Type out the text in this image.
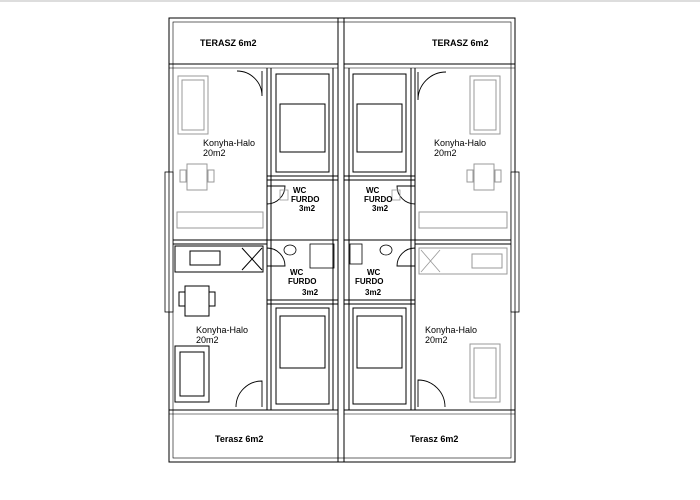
TERASZ 6m2	TERASZ 6m2
Terasz 6m2	Terasz 6m2
Konyha-Halo
20m2
Konyha-Halo
20m2
Konyha-Halo
20m2
Konyha-Halo
20m2
WC
FURDO
3m2
WC
FURDO
3m2
WC
FURDO
3m2
WC
FURDO
3m2
